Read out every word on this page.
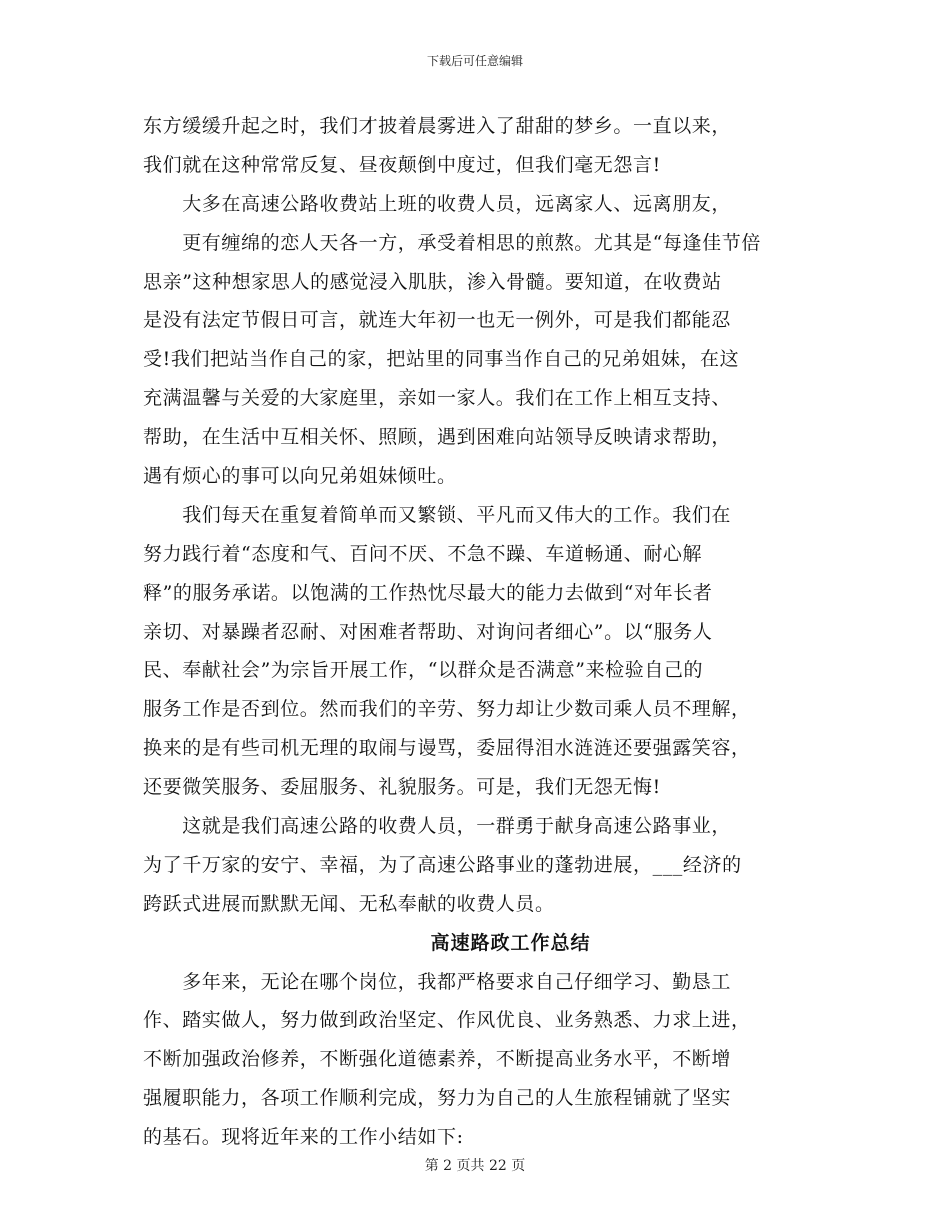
下载后可任意编辑
东方缓缓升起之时，我们才披着晨雾进入了甜甜的梦乡。一直以来，
我们就在这种常常反复、昼夜颠倒中度过，但我们毫无怨言!
　　大多在高速公路收费站上班的收费人员，远离家人、远离朋友，
　　更有缠绵的恋人天各一方，承受着相思的煎熬。尤其是“每逢佳节倍
思亲”这种想家思人的感觉浸入肌肤，渗入骨髓。要知道，在收费站
是没有法定节假日可言，就连大年初一也无一例外，可是我们都能忍
受!我们把站当作自己的家，把站里的同事当作自己的兄弟姐妹，在这
充满温馨与关爱的大家庭里，亲如一家人。我们在工作上相互支持、
帮助，在生活中互相关怀、照顾，遇到困难向站领导反映请求帮助，
遇有烦心的事可以向兄弟姐妹倾吐。
　　我们每天在重复着简单而又繁锁、平凡而又伟大的工作。我们在
努力践行着“态度和气、百问不厌、不急不躁、车道畅通、耐心解
释”的服务承诺。以饱满的工作热忱尽最大的能力去做到“对年长者
亲切、对暴躁者忍耐、对困难者帮助、对询问者细心”。以“服务人
民、奉献社会”为宗旨开展工作，“以群众是否满意”来检验自己的
服务工作是否到位。然而我们的辛劳、努力却让少数司乘人员不理解，
换来的是有些司机无理的取闹与谩骂，委屈得泪水涟涟还要强露笑容，
还要微笑服务、委屈服务、礼貌服务。可是，我们无怨无悔!
　　这就是我们高速公路的收费人员，一群勇于献身高速公路事业，
为了千万家的安宁、幸福，为了高速公路事业的蓬勃进展，___经济的
跨跃式进展而默默无闻、无私奉献的收费人员。
高速路政工作总结
　　多年来，无论在哪个岗位，我都严格要求自己仔细学习、勤恳工
作、踏实做人，努力做到政治坚定、作风优良、业务熟悉、力求上进，
不断加强政治修养，不断强化道德素养，不断提高业务水平，不断增
强履职能力，各项工作顺利完成，努力为自己的人生旅程铺就了坚实
的基石。现将近年来的工作小结如下:
第 2 页共 22 页
